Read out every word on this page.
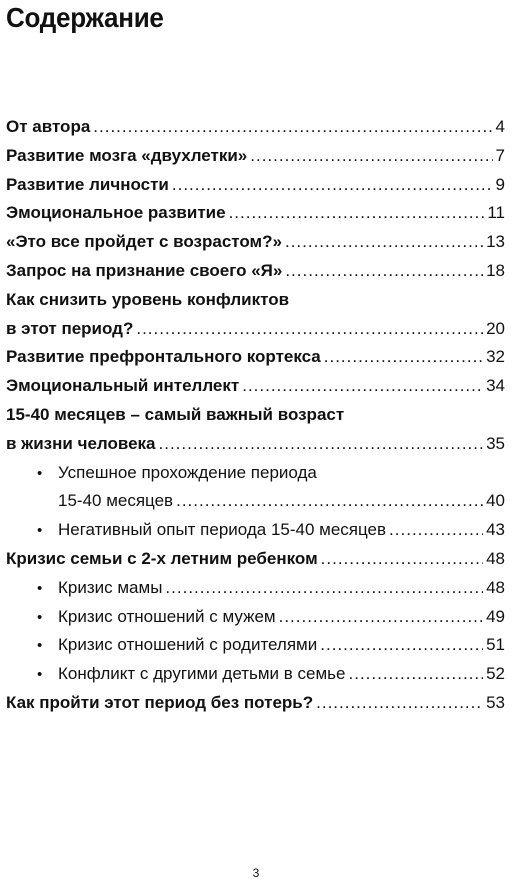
Содержание
От автора .....	4
Развитие мозга «двухлетки» .....	7
Развитие личности .....	9
Эмоциональное развитие .....	11
«Это все пройдет с возрастом?» .....	13
Запрос на признание своего «Я» .....	18
Как снизить уровень конфликтов
в этот период? .....	20
Развитие префронтального кортекса .....	32
Эмоциональный интеллект .....	34
15-40 месяцев – самый важный возраст
в жизни человека .....	35
• Успешное прохождение периода
15-40 месяцев .....	40
• Негативный опыт периода 15-40 месяцев .....	43
Кризис семьи с 2-х летним ребенком .....	48
• Кризис мамы .....	48
• Кризис отношений с мужем .....	49
• Кризис отношений с родителями .....	51
• Конфликт с другими детьми в семье .....	52
Как пройти этот период без потерь? .....	53
3
